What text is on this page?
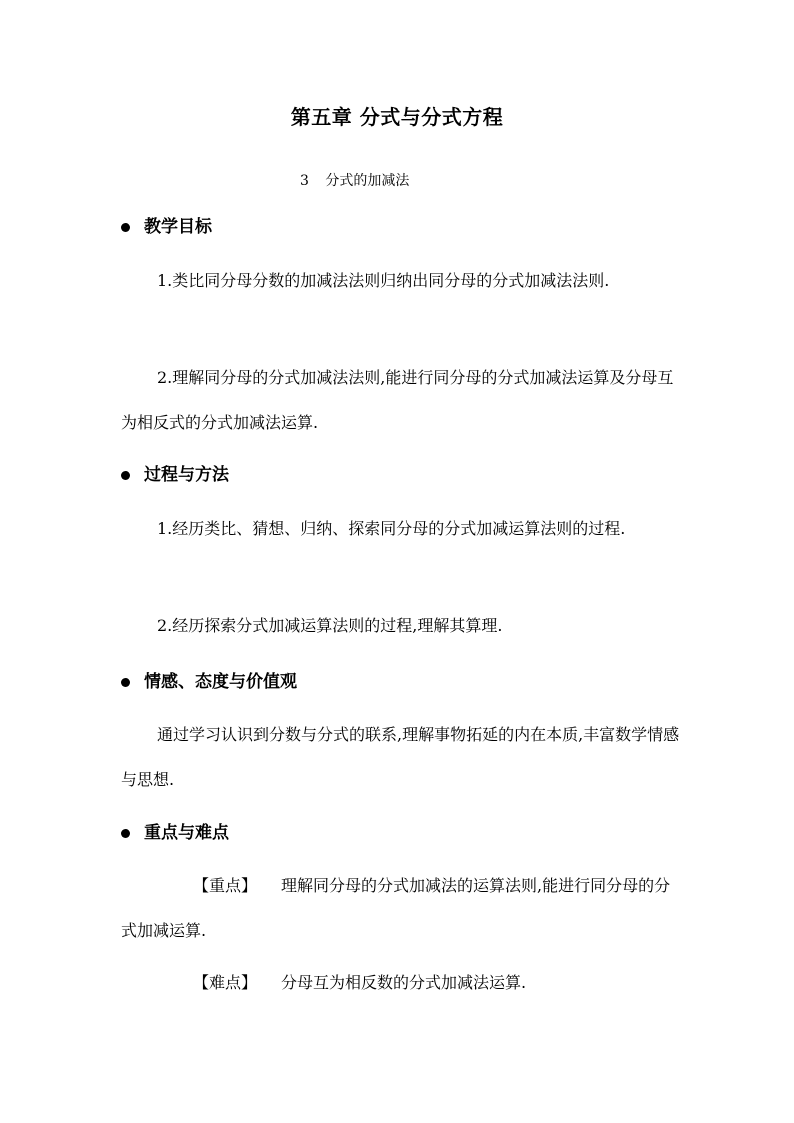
第五章 分式与分式方程
3 分式的加减法
教学目标

1.类比同分母分数的加减法法则归纳出同分母的分式加减法法则.

2.理解同分母的分式加减法法则,能进行同分母的分式加减法运算及分母互为相反式的分式加减法运算.

过程与方法

1.经历类比、猜想、归纳、探索同分母的分式加减运算法则的过程.

2.经历探索分式加减运算法则的过程,理解其算理.

情感、态度与价值观

通过学习认识到分数与分式的联系,理解事物拓延的内在本质,丰富数学情感与思想.

重点与难点

【重点】 理解同分母的分式加减法的运算法则,能进行同分母的分式加减运算.

【难点】 分母互为相反数的分式加减法运算.
